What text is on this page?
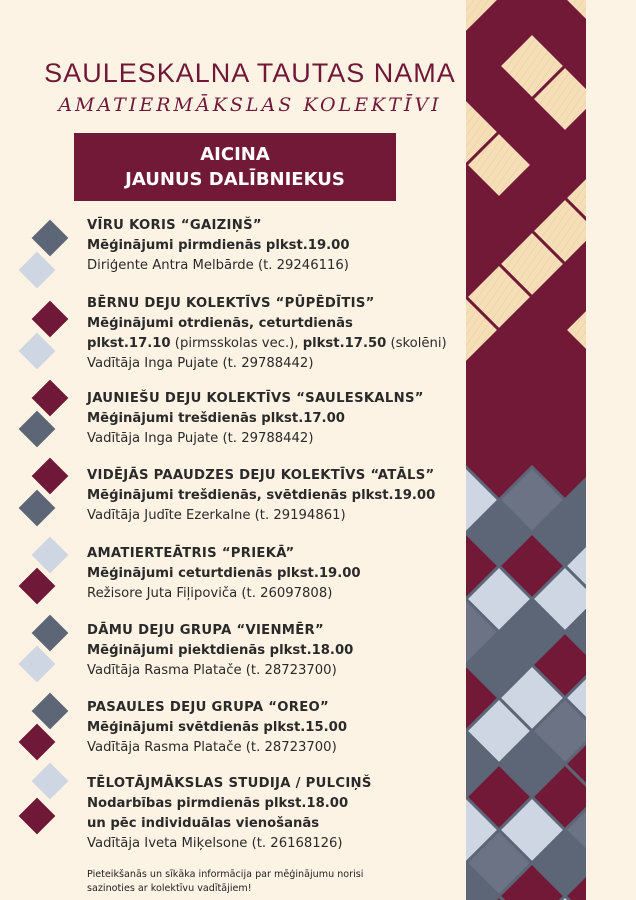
SAULESKALNA TAUTAS NAMA
AMATIERMĀKSLAS KOLEKTĪVI
AICINA
JAUNUS DALĪBNIEKUS
VĪRU KORIS “GAIZIŅŠ”
Mēģinājumi pirmdienās plkst.19.00
Diriģente Antra Melbārde (t. 29246116)
BĒRNU DEJU KOLEKTĪVS “PŪPĒDĪTIS”
Mēģinājumi otrdienās, ceturtdienās
plkst.17.10 (pirmsskolas vec.), plkst.17.50 (skolēni)
Vadītāja Inga Pujate (t. 29788442)
JAUNIEŠU DEJU KOLEKTĪVS “SAULESKALNS”
Mēģinājumi trešdienās plkst.17.00
Vadītāja Inga Pujate (t. 29788442)
VIDĒJĀS PAAUDZES DEJU KOLEKTĪVS “ATĀLS”
Mēģinājumi trešdienās, svētdienās plkst.19.00
Vadītāja Judīte Ezerkalne (t. 29194861)
AMATIERTEĀTRIS “PRIEKĀ”
Mēģinājumi ceturtdienās plkst.19.00
Režisore Juta Fiļipoviča (t. 26097808)
DĀMU DEJU GRUPA “VIENMĒR”
Mēģinājumi piektdienās plkst.18.00
Vadītāja Rasma Platače (t. 28723700)
PASAULES DEJU GRUPA “OREO”
Mēģinājumi svētdienās plkst.15.00
Vadītāja Rasma Platače (t. 28723700)
TĒLOTĀJMĀKSLAS STUDIJA / PULCIŅŠ
Nodarbības pirmdienās plkst.18.00
un pēc individuālas vienošanās
Vadītāja Iveta Miķelsone (t. 26168126)
Pieteikšanās un sīkāka informācija par mēģinājumu norisi
sazinoties ar kolektīvu vadītājiem!
